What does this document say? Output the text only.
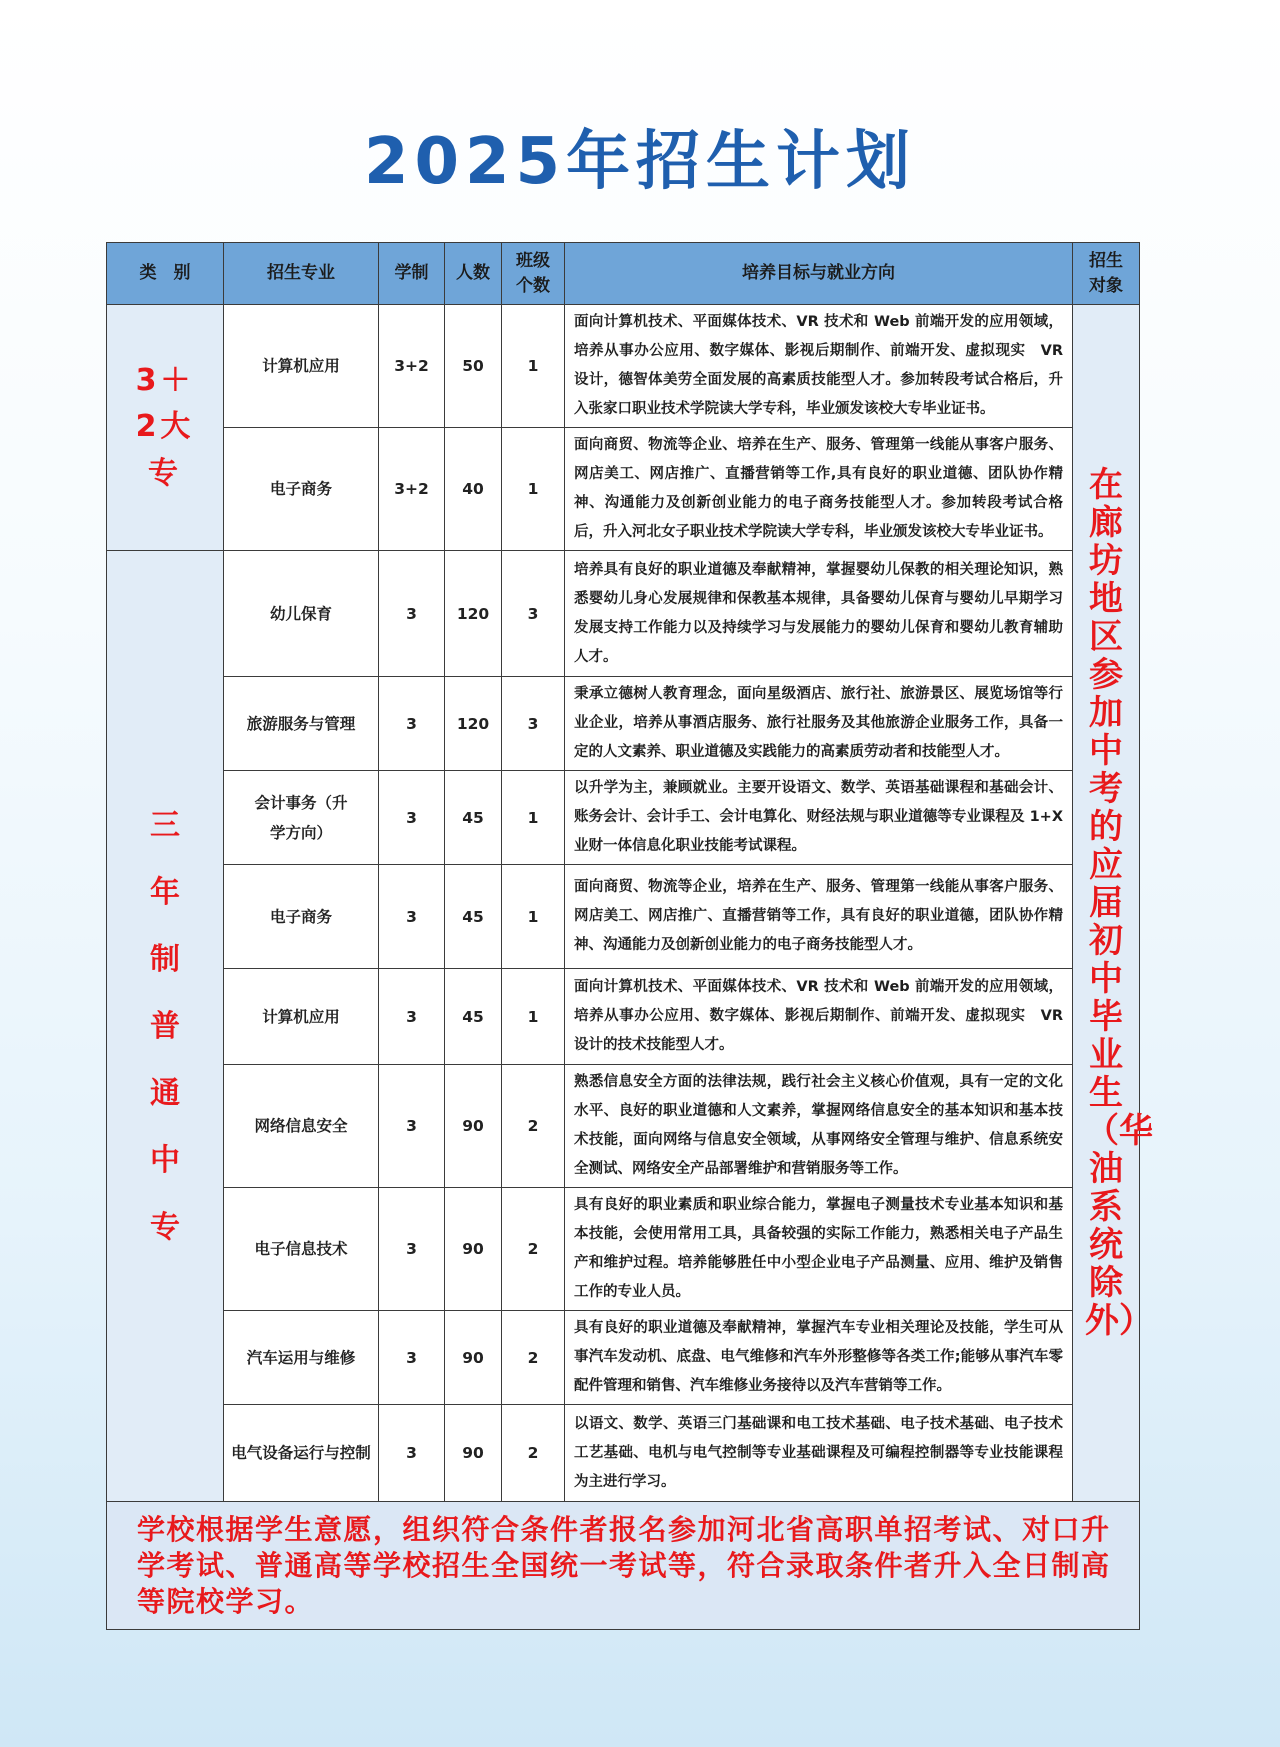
2025年招生计划
类　别	招生专业	学制	人数	班级个数	培养目标与就业方向	招生对象
3＋2大专	计算机应用	3+2	50	1	面向计算机技术、平面媒体技术、VR 技术和 Web 前端开发的应用领域，培养从事办公应用、数字媒体、影视后期制作、前端开发、虚拟现实　VR 设计，德智体美劳全面发展的高素质技能型人才。参加转段考试合格后，升入张家口职业技术学院读大学专科，毕业颁发该校大专毕业证书。	在廊坊地区参加中考的应届初中毕业生（华油系统除外）

	电子商务	3+2	40	1	面向商贸、物流等企业、培养在生产、服务、管理第一线能从事客户服务、网店美工、网店推广、直播营销等工作,具有良好的职业道德、团队协作精神、沟通能力及创新创业能力的电子商务技能型人才。参加转段考试合格后，升入河北女子职业技术学院读大学专科，毕业颁发该校大专毕业证书。	

三年制普通中专	幼儿保育	3	120	3	培养具有良好的职业道德及奉献精神，掌握婴幼儿保教的相关理论知识，熟悉婴幼儿身心发展规律和保教基本规律，具备婴幼儿保育与婴幼儿早期学习发展支持工作能力以及持续学习与发展能力的婴幼儿保育和婴幼儿教育辅助人才。	
	旅游服务与管理	3	120	3	秉承立德树人教育理念，面向星级酒店、旅行社、旅游景区、展览场馆等行业企业，培养从事酒店服务、旅行社服务及其他旅游企业服务工作，具备一定的人文素养、职业道德及实践能力的高素质劳动者和技能型人才。	
	会计事务（升学方向）	3	45	1	以升学为主，兼顾就业。主要开设语文、数学、英语基础课程和基础会计、账务会计、会计手工、会计电算化、财经法规与职业道德等专业课程及 1+X 业财一体信息化职业技能考试课程。	
	电子商务	3	45	1	面向商贸、物流等企业，培养在生产、服务、管理第一线能从事客户服务、网店美工、网店推广、直播营销等工作，具有良好的职业道德，团队协作精神、沟通能力及创新创业能力的电子商务技能型人才。	
	计算机应用	3	45	1	面向计算机技术、平面媒体技术、VR 技术和 Web 前端开发的应用领域，培养从事办公应用、数字媒体、影视后期制作、前端开发、虚拟现实　VR 设计的技术技能型人才。	
	网络信息安全	3	90	2	熟悉信息安全方面的法律法规，践行社会主义核心价值观，具有一定的文化水平、良好的职业道德和人文素养，掌握网络信息安全的基本知识和基本技术技能，面向网络与信息安全领域，从事网络安全管理与维护、信息系统安全测试、网络安全产品部署维护和营销服务等工作。	
	电子信息技术	3	90	2	具有良好的职业素质和职业综合能力，掌握电子测量技术专业基本知识和基本技能，会使用常用工具，具备较强的实际工作能力，熟悉相关电子产品生产和维护过程。培养能够胜任中小型企业电子产品测量、应用、维护及销售工作的专业人员。	
	汽车运用与维修	3	90	2	具有良好的职业道德及奉献精神，掌握汽车专业相关理论及技能，学生可从事汽车发动机、底盘、电气维修和汽车外形整修等各类工作;能够从事汽车零配件管理和销售、汽车维修业务接待以及汽车营销等工作。	
	电气设备运行与控制	3	90	2	以语文、数学、英语三门基础课和电工技术基础、电子技术基础、电子技术工艺基础、电机与电气控制等专业基础课程及可编程控制器等专业技能课程为主进行学习。	
学校根据学生意愿，组织符合条件者报名参加河北省高职单招考试、对口升学考试、普通高等学校招生全国统一考试等，符合录取条件者升入全日制高等院校学习。						
